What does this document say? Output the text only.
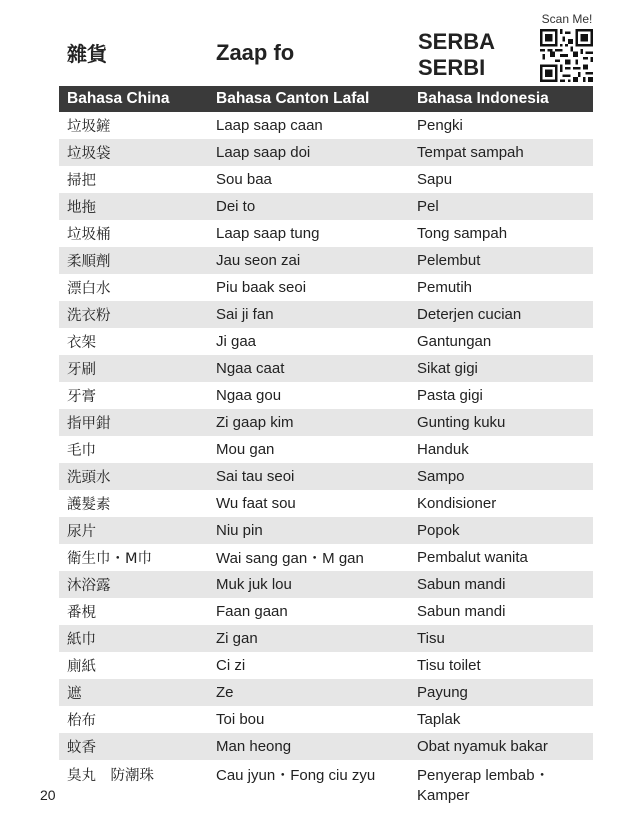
Scan Me!
雜貨	Zaap fo	SERBA
SERBI
Bahasa China	Bahasa Canton Lafal	Bahasa Indonesia
垃圾鏟	Laap saap caan	Pengki
垃圾袋	Laap saap doi	Tempat sampah
掃把	Sou baa	Sapu
地拖	Dei to	Pel
垃圾桶	Laap saap tung	Tong sampah
柔順劑	Jau seon zai	Pelembut
漂白水	Piu baak seoi	Pemutih
洗衣粉	Sai ji fan	Deterjen cucian
衣架	Ji gaa	Gantungan
牙刷	Ngaa caat	Sikat gigi
牙膏	Ngaa gou	Pasta gigi
指甲鉗	Zi gaap kim	Gunting kuku
毛巾	Mou gan	Handuk
洗頭水	Sai tau seoi	Sampo
護髮素	Wu faat sou	Kondisioner
尿片	Niu pin	Popok
衛生巾・M巾	Wai sang gan・M gan	Pembalut wanita
沐浴露	Muk juk lou	Sabun mandi
番梘	Faan gaan	Sabun mandi
紙巾	Zi gan	Tisu
廁紙	Ci zi	Tisu toilet
遮	Ze	Payung
枱布	Toi bou	Taplak
蚊香	Man heong	Obat nyamuk bakar
臭丸　防潮珠	Cau jyun・Fong ciu zyu	Penyerap lembab・Kamper
20
